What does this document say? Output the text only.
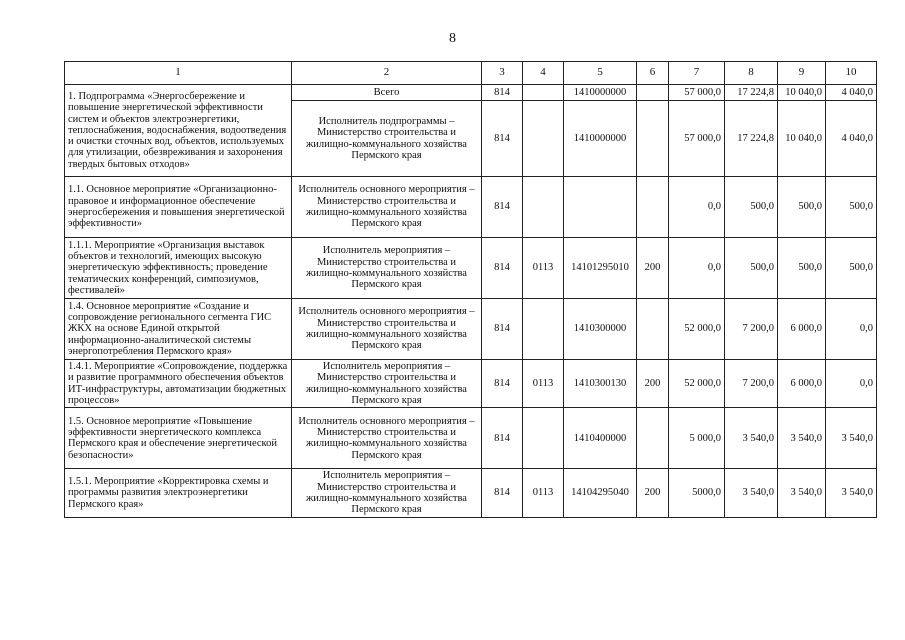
8
1	2	3	4	5	6	7	8	9	10
1. Подпрограмма «Энергосбережение и повышение энергетической эффективности систем и объектов электроэнергетики, теплоснабжения, водоснабжения, водоотведения и очистки сточных вод, объектов, используемых для утилизации, обезвреживания и захоронения твердых бытовых отходов»	Всего	814		1410000000		57 000,0	17 224,8	10 040,0	4 040,0
	Исполнитель подпрограммы – Министерство строительства и жилищно-коммунального хозяйства Пермского края	814		1410000000		57 000,0	17 224,8	10 040,0	4 040,0
1.1. Основное мероприятие «Организационно-правовое и информационное обеспечение энергосбережения и повышения энергетической эффективности»	Исполнитель основного мероприятия – Министерство строительства и жилищно-коммунального хозяйства Пермского края	814				0,0	500,0	500,0	500,0
1.1.1. Мероприятие «Организация выставок объектов и технологий, имеющих высокую энергетическую эффективность; проведение тематических конференций, симпозиумов, фестивалей»	Исполнитель мероприятия – Министерство строительства и жилищно-коммунального хозяйства Пермского края	814	0113	14101295010	200	0,0	500,0	500,0	500,0
1.4. Основное мероприятие «Создание и сопровождение регионального сегмента ГИС ЖКХ на основе Единой открытой информационно-аналитической системы энергопотребления Пермского края»	Исполнитель основного мероприятия – Министерство строительства и жилищно-коммунального хозяйства Пермского края	814		1410300000		52 000,0	7 200,0	6 000,0	0,0
1.4.1. Мероприятие «Сопровождение, поддержка и развитие программного обеспечения объектов ИТ-инфраструктуры, автоматизации бюджетных процессов»	Исполнитель мероприятия – Министерство строительства и жилищно-коммунального хозяйства Пермского края	814	0113	1410300130	200	52 000,0	7 200,0	6 000,0	0,0
1.5. Основное мероприятие «Повышение эффективности энергетического комплекса Пермского края и обеспечение энергетической безопасности»	Исполнитель основного мероприятия – Министерство строительства и жилищно-коммунального хозяйства Пермского края	814		1410400000		5 000,0	3 540,0	3 540,0	3 540,0
1.5.1. Мероприятие «Корректировка схемы и программы развития электроэнергетики Пермского края»	Исполнитель мероприятия – Министерство строительства и жилищно-коммунального хозяйства Пермского края	814	0113	14104295040	200	5000,0	3 540,0	3 540,0	3 540,0
